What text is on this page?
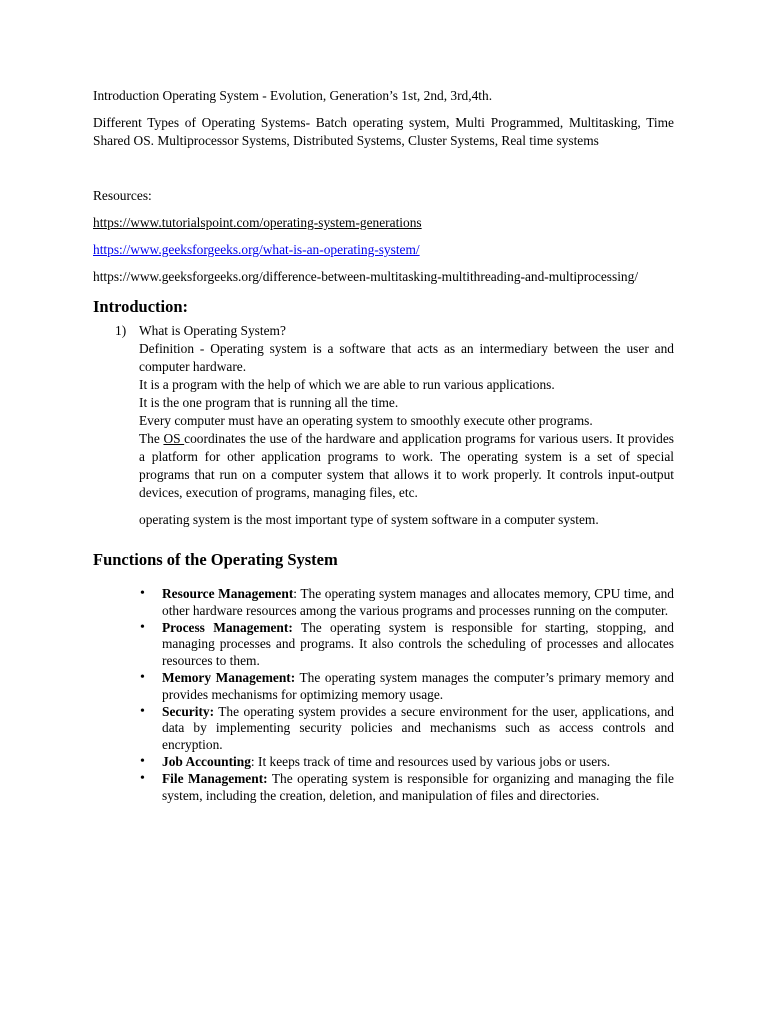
Introduction Operating System - Evolution, Generation’s 1st, 2nd, 3rd,4th.

Different Types of Operating Systems- Batch operating system, Multi Programmed, Multitasking, Time Shared OS. Multiprocessor Systems, Distributed Systems, Cluster Systems, Real time systems

Resources:

https://www.tutorialspoint.com/operating-system-generations

https://www.geeksforgeeks.org/what-is-an-operating-system/

https://www.geeksforgeeks.org/difference-between-multitasking-multithreading-and-multiprocessing/

Introduction:
1) What is Operating System?

Definition - Operating system is a software that acts as an intermediary between the user and computer hardware.

It is a program with the help of which we are able to run various applications.

It is the one program that is running all the time.

Every computer must have an operating system to smoothly execute other programs.

The OS coordinates the use of the hardware and application programs for various users. It provides a platform for other application programs to work. The operating system is a set of special programs that run on a computer system that allows it to work properly. It controls input-output devices, execution of programs, managing files, etc.

operating system is the most important type of system software in a computer system.

Functions of the Operating System
• Resource Management: The operating system manages and allocates memory, CPU time, and other hardware resources among the various programs and processes running on the computer.
• Process Management: The operating system is responsible for starting, stopping, and managing processes and programs. It also controls the scheduling of processes and allocates resources to them.
• Memory Management: The operating system manages the computer’s primary memory and provides mechanisms for optimizing memory usage.
• Security: The operating system provides a secure environment for the user, applications, and data by implementing security policies and mechanisms such as access controls and encryption.
• Job Accounting: It keeps track of time and resources used by various jobs or users.
• File Management: The operating system is responsible for organizing and managing the file system, including the creation, deletion, and manipulation of files and directories.
